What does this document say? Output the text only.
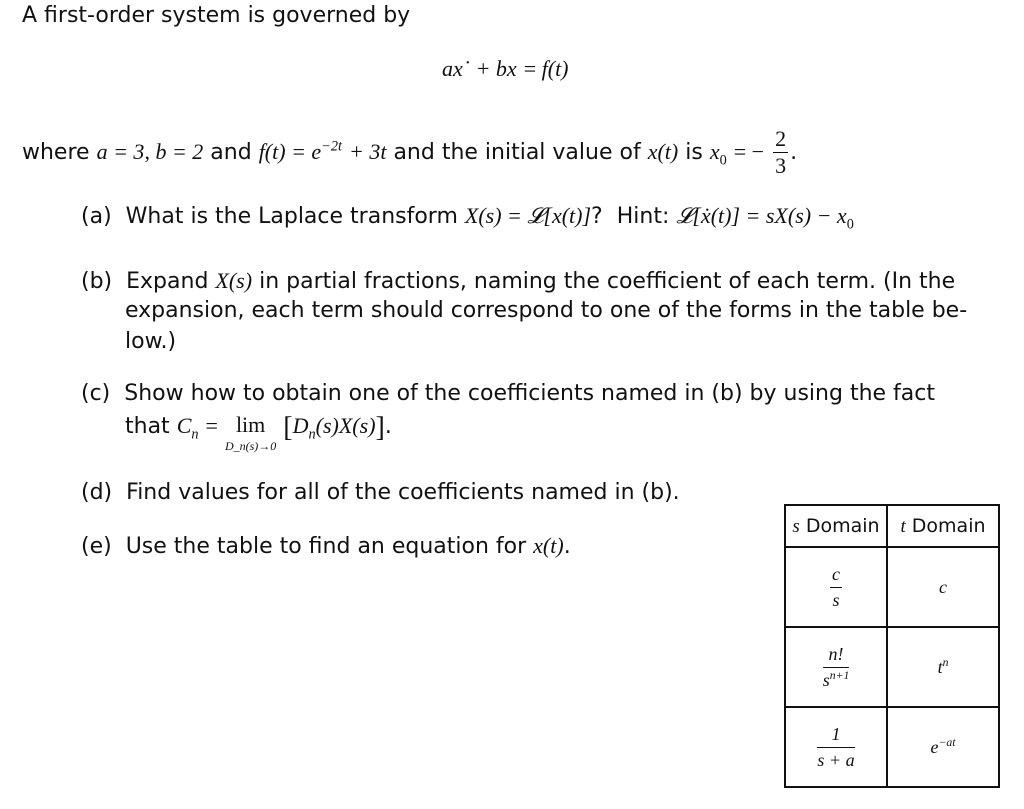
A first-order system is governed by
ax˙ + bx = f(t)
where a = 3, b = 2 and $f(t) = e^{-2t} + 3t$ and the initial value of x(t) is $x_0$ = − $\frac{2}{3}$ .
(a) What is the Laplace transform X(s) = 𝓛[x(t)]? Hint: 𝓛[ẋ(t)] = $sX(s) - x_0$
(b) Expand X(s) in partial fractions, naming the coefficient of each term. (In the
expansion, each term should correspond to one of the forms in the table be-
low.)
(c) Show how to obtain one of the coefficients named in (b) by using the fact
that $C_n = \lim$
D_n(s)→0
$[D_n(s)X(s)]$.
(d) Find values for all of the coefficients named in (b).
(e) Use the table to find an equation for x(t).
s Domain	t Domain

$\frac{c}{s}$	c

$\frac{n!}{s^{n+1}}$	$t^n$

$\frac{1}{s + a}$	$e^{-at}$
